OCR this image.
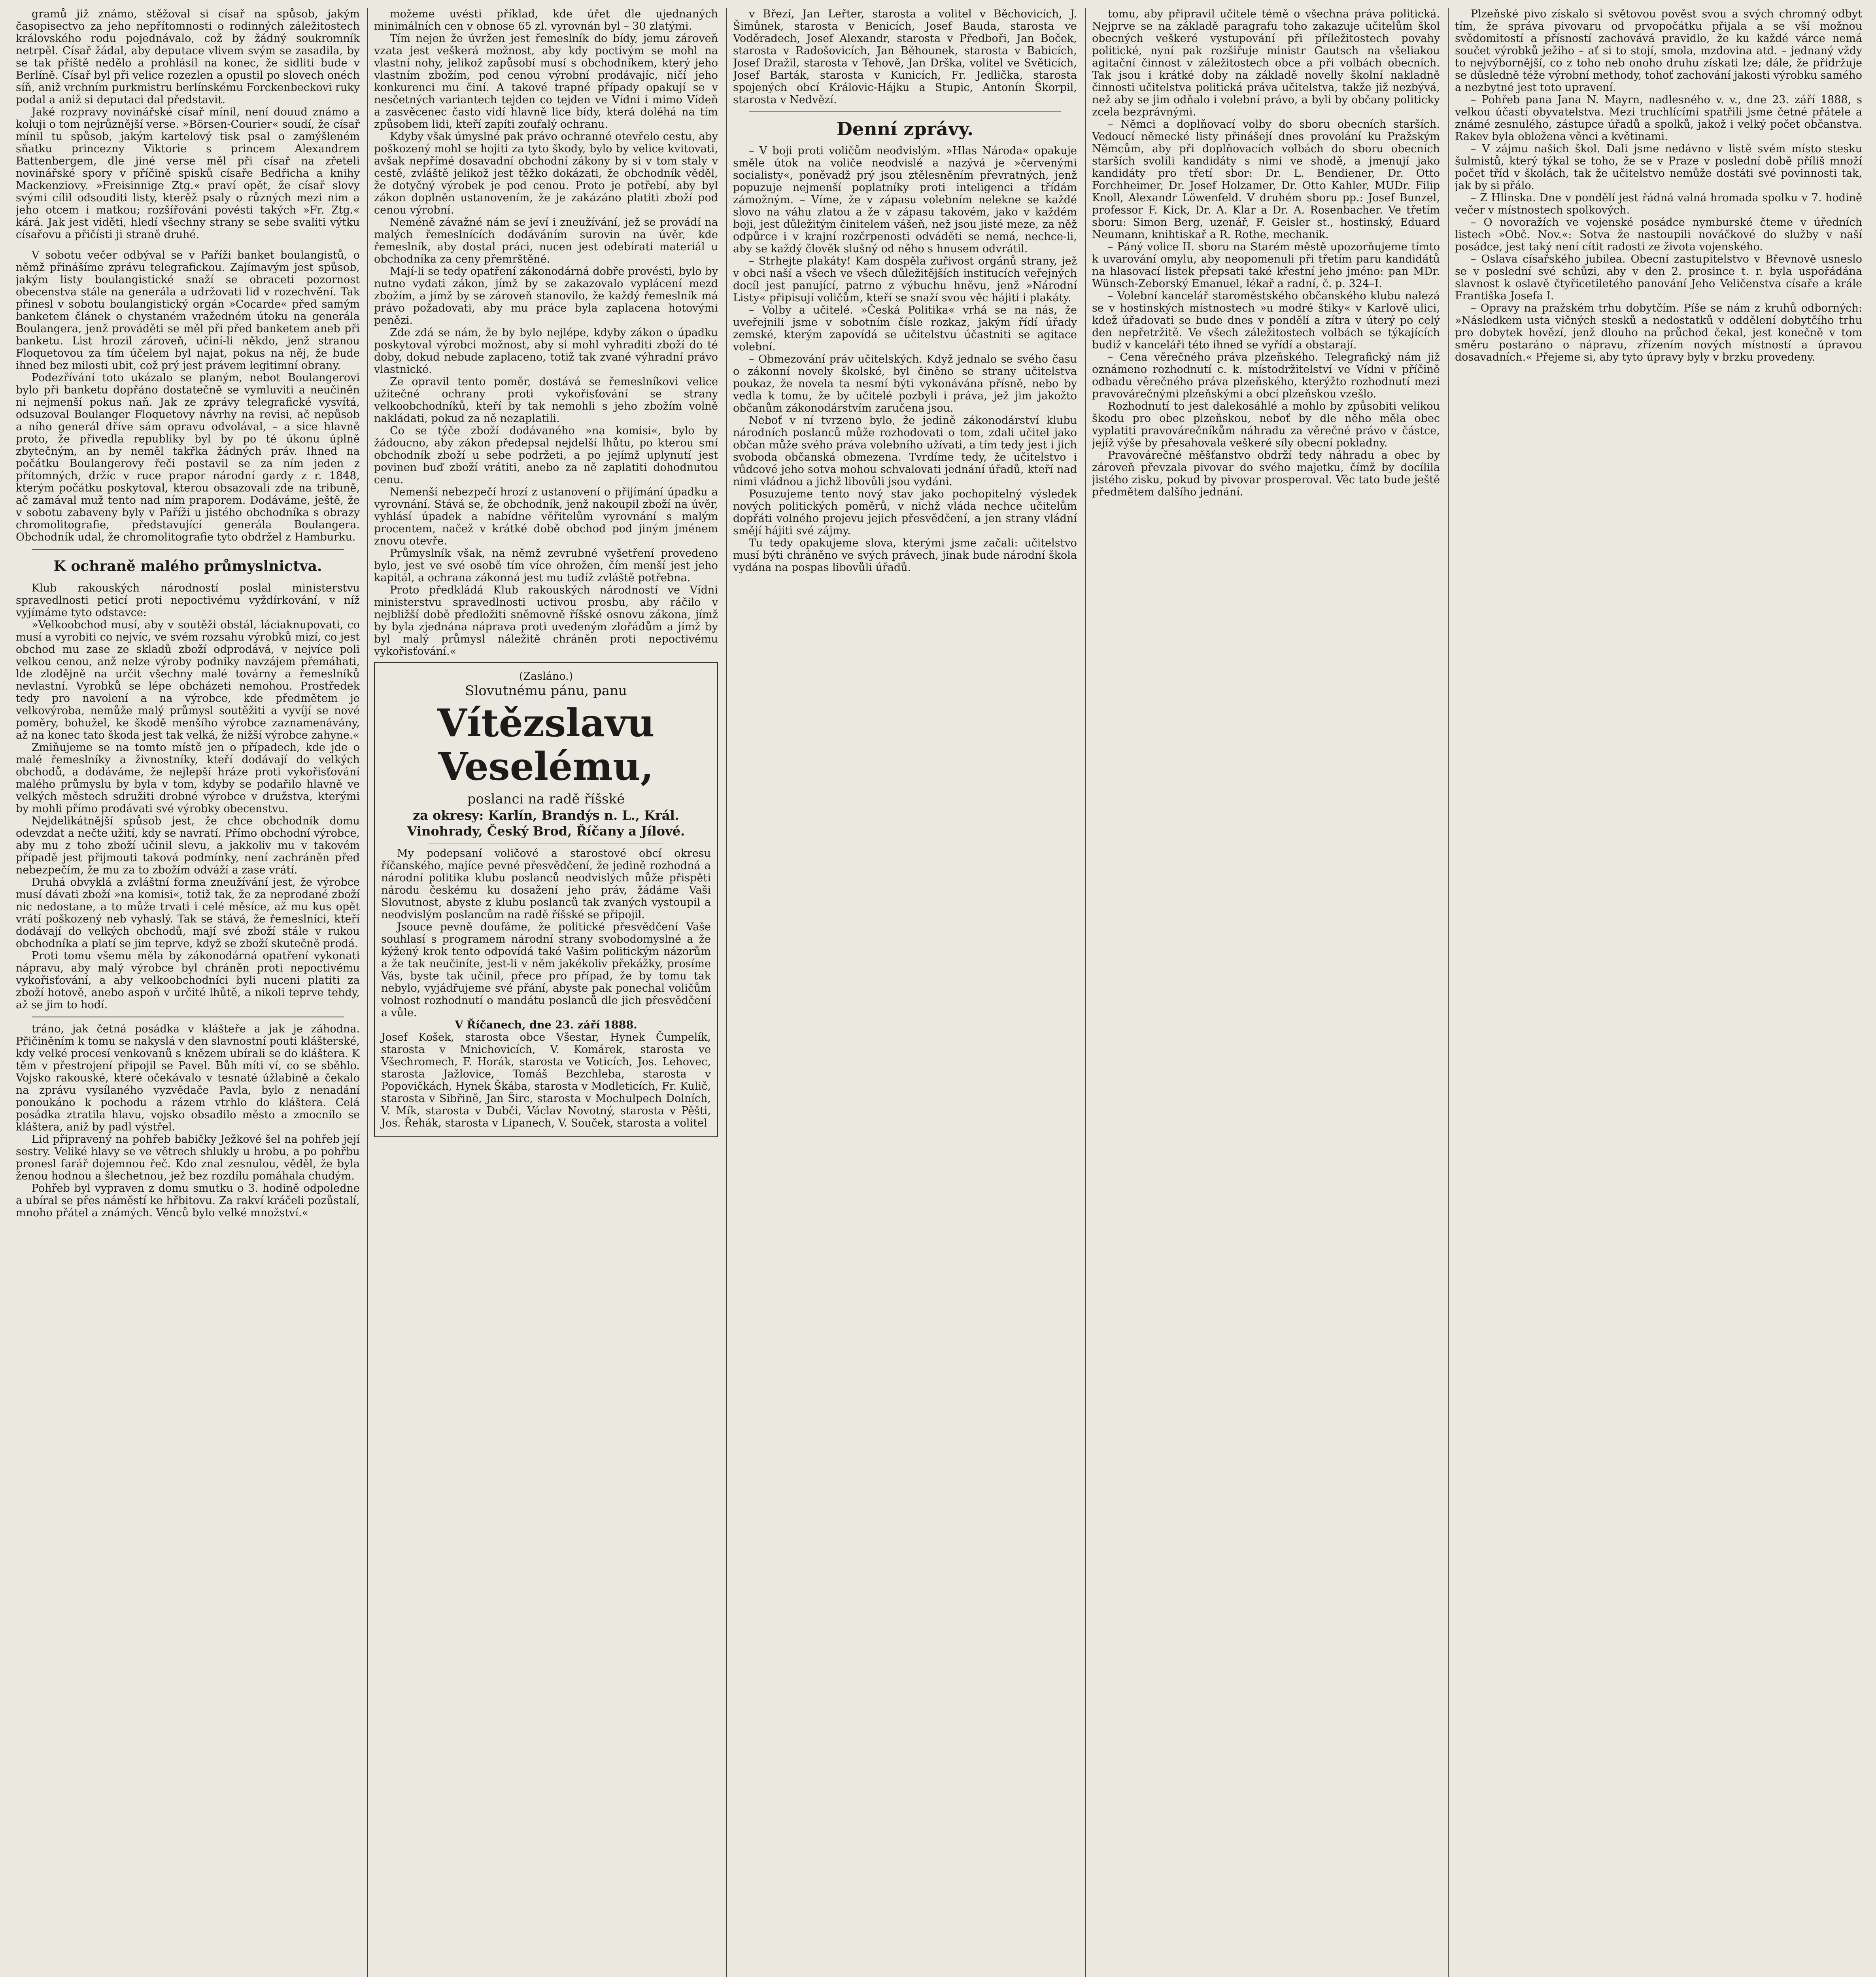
gramů již známo, stěžoval si císař na spůsob, jakým časopisectvo za jeho nepřítomnosti o rodinných záležitostech královského rodu pojednávalo, což by žádný soukromník netrpěl. Císař žádal, aby deputace vlivem svým se zasadila, by se tak příště nedělo a prohlásil na konec, že sidliti bude v Berlíně. Císař byl při velice rozezlen a opustil po slovech onéch síň, aniž vrchním purkmistru berlínskému Forckenbeckovi ruky podal a aniž si deputaci dal představit.

Jaké rozpravy novinářské císař mínil, není douud známo a koluji o tom nejrůznější verse. »Börsen-Courier« soudí, že císař mínil tu spůsob, jakým kartelový tisk psal o zamýšleném sňatku princezny Viktorie s princem Alexandrem Battenbergem, dle jiné verse měl při císař na zřeteli novinářské spory v příčině spisků císaře Bedřicha a knihy Mackenziovy. »Freisinnige Ztg.« praví opět, že císař slovy svými cílil odsouditi listy, kterěž psaly o různých mezi nim a jeho otcem i matkou; rozšířováni povésti takých »Fr. Ztg.« kárá. Jak jest viděti, hledí všechny strany se sebe svaliti výtku císařovu a přičísti ji straně druhé.

V sobotu večer odbýval se v Paříži banket boulangistů, o němž přinášíme zprávu telegrafickou. Zajímavým jest spůsob, jakým listy boulangistické snaží se obraceti pozornost obecenstva stále na generála a udržovati lid v rozechvění. Tak přinesl v sobotu boulangistický orgán »Cocarde« před samým banketem článek o chystaném vražedném útoku na generála Boulangera, jenž prováděti se měl při před banketem aneb při banketu. List hrozil zároveň, učiní-li někdo, jenž stranou Floquetovou za tím účelem byl najat, pokus na něj, že bude ihned bez milosti ubit, což prý jest právem legitimní obrany.

Podezřívání toto ukázalo se planým, nebot Boulangerovi bylo při banketu dopřáno dostatečně se vymluviti a neučiněn ni nejmenší pokus naň. Jak ze zprávy telegrafické vysvítá, odsuzoval Boulanger Floquetovy návrhy na revisi, ač nepůsob a ního generál dříve sám opravu odvolával, – a sice hlavně proto, že přivedla republiky byl by po té úkonu úplně zbytečným, an by neměl takřka žádných práv. Ihned na počátku Boulangerovy řeči postavil se za ním jeden z přítomných, držíc v ruce prapor národní gardy z r. 1848, kterým počátku poskytoval, kterou obsazovali zde na tribuně, ač zamával muž tento nad ním praporem. Dodáváme, ještě, že v sobotu zabaveny byly v Paříži u jistého obchodníka s obrazy chromolitografie, představující generála Boulangera. Obchodník udal, že chromolitografie tyto obdržel z Hamburku.

K ochraně malého průmyslnictva.

Klub rakouských národností poslal ministerstvu spravedlnosti peticí proti nepoctivému vyždírkování, v níž vyjímáme tyto odstavce:

»Velkoobchod musí, aby v soutěži obstál, láciaknupovati, co musí a vyrobiti co nejvíc, ve svém rozsahu výrobků mizí, co jest obchod mu zase ze skladů zboží odprodává, v nejvíce poli velkou cenou, anž nelze výroby podniky navzájem přemáhati, lde zlodějně na určit všechny malé továrny a řemeslníků nevlastní. Vyrobků se lépe obcházeti nemohou. Prostředek tedy pro navolení a na výrobce, kde předmětem je velkovýroba, nemůže malý průmysl soutěžiti a vyvíjí se nové poměry, bohužel, ke škodě menšího výrobce zaznamenávány, až na konec tato škoda jest tak velká, že nižší výrobce zahyne.«

Zmiňujeme se na tomto místě jen o případech, kde jde o malé řemeslníky a živnostníky, kteří dodávají do velkých obchodů, a dodáváme, že nejlepší hráze proti vykořisťování malého průmyslu by byla v tom, kdyby se podařilo hlavně ve velkých městech sdružiti drobné výrobce v družstva, kterými by mohli přímo prodávati své výrobky obecenstvu.

Nejdelikátnější spůsob jest, že chce obchodník domu odevzdat a nečte užití, kdy se navratí. Přímo obchodní výrobce, aby mu z toho zboží učinil slevu, a jakkoliv mu v takovém případě jest přijmouti taková podmínky, není zachráněn před nebezpečím, že mu za to zbožím odváží a zase vrátí.

Druhá obvyklá a zvláštní forma zneužívání jest, že výrobce musí dávati zboží »na komisi«, totiž tak, že za neprodané zboží nic nedostane, a to může trvati i celé měsíce, až mu kus opět vrátí poškozený neb vyhaslý. Tak se stává, že řemeslníci, kteří dodávají do velkých obchodů, mají své zboží stále v rukou obchodníka a platí se jim teprve, když se zboží skutečně prodá.

Proti tomu všemu měla by zákonodárná opatření vykonati nápravu, aby malý výrobce byl chráněn proti nepoctivému vykořisťování, a aby velkoobchodníci byli nuceni platiti za zboží hotově, anebo aspoň v určité lhůtě, a nikoli teprve tehdy, až se jim to hodí.

tráno, jak četná posádka v klášteře a jak je záhodna. Přičiněním k tomu se nakyslá v den slavnostní pouti klášterské, kdy velké procesí venkovanů s knězem ubírali se do kláštera. K těm v přestrojení připojil se Pavel. Bůh míti ví, co se sběhlo. Vojsko rakouské, které očekávalo v tesnaté úžlabině a čekalo na zprávu vysílaného vyzvědače Pavla, bylo z nenadání ponoukáno k pochodu a rázem vtrhlo do kláštera. Celá posádka ztratila hlavu, vojsko obsadilo město a zmocnilo se kláštera, aniž by padl výstřel.

Lid připravený na pohřeb babičky Ježkové šel na pohřeb její sestry. Veliké hlavy se ve větrech shlukly u hrobu, a po pohřbu pronesl farář dojemnou řeč. Kdo znal zesnulou, věděl, že byla ženou hodnou a šlechetnou, jež bez rozdílu pomáhala chudým.

Pohřeb byl vypraven z domu smutku o 3. hodině odpoledne a ubíral se přes náměstí ke hřbitovu. Za rakví kráčeli pozůstalí, mnoho přátel a známých. Věnců bylo velké množství.«

možeme uvésti příklad, kde úřet dle ujednaných minimálních cen v obnose 65 zl. vyrovnán byl – 30 zlatými.

Tím nejen že úvržen jest řemeslník do bídy, jemu zároveň vzata jest veškerá možnost, aby kdy poctivým se mohl na vlastní nohy, jelikož zapůsobí musí s obchodníkem, který jeho vlastním zbožím, pod cenou výrobní prodávajíc, ničí jeho konkurenci mu činí. A takové trapné případy opakují se v nesčetných variantech tejden co tejden ve Vídni i mimo Vídeň a zasvěcenec často vidí hlavně lice bídy, která doléhá na tím způsobem lidi, kteří zapíti zoufalý ochranu.

Kdyby však úmyslné pak právo ochranné otevřelo cestu, aby poškozený mohl se hojiti za tyto škody, bylo by velice kvitovati, avšak nepřímé dosavadní obchodní zákony by si v tom staly v cestě, zvláště jelikož jest těžko dokázati, že obchodník věděl, že dotyčný výrobek je pod cenou. Proto je potřebí, aby byl zákon doplněn ustanovením, že je zakázáno platiti zboží pod cenou výrobní.

Neméně závažné nám se jeví i zneužívání, jež se provádí na malých řemeslnících dodáváním surovin na úvěr, kde řemeslník, aby dostal práci, nucen jest odebírati materiál u obchodníka za ceny přemrštěné.

Mají-li se tedy opatření zákonodárná dobře provésti, bylo by nutno vydati zákon, jímž by se zakazovalo vyplácení mezd zbožím, a jímž by se zároveň stanovilo, že každý řemeslník má právo požadovati, aby mu práce byla zaplacena hotovými penězi.

Zde zdá se nám, že by bylo nejlépe, kdyby zákon o úpadku poskytoval výrobci možnost, aby si mohl vyhraditi zboží do té doby, dokud nebude zaplaceno, totiž tak zvané výhradní právo vlastnické.

Ze opravil tento poměr, dostává se řemeslníkovi velice užitečné ochrany proti vykořisťování se strany velkoobchodníků, kteří by tak nemohli s jeho zbožím volně nakládati, pokud za ně nezaplatili.

Co se týče zboží dodávaného »na komisi«, bylo by žádoucno, aby zákon předepsal nejdelší lhůtu, po kterou smí obchodník zboží u sebe podržeti, a po jejímž uplynutí jest povinen buď zboží vrátiti, anebo za ně zaplatiti dohodnutou cenu.

Nemenší nebezpečí hrozí z ustanovení o přijímání úpadku a vyrovnání. Stává se, že obchodník, jenž nakoupil zboží na úvěr, vyhlásí úpadek a nabídne věřitelům vyrovnání s malým procentem, načež v krátké době obchod pod jiným jménem znovu otevře.

Průmyslník však, na němž zevrubné vyšetření provedeno bylo, jest ve své osobě tím více ohrožen, čím menší jest jeho kapitál, a ochrana zákonná jest mu tudíž zvláště potřebna.

Proto předkládá Klub rakouských národností ve Vídni ministerstvu spravedlnosti uctivou prosbu, aby ráčilo v nejbližší době předložiti sněmovně říšské osnovu zákona, jímž by byla zjednána náprava proti uvedeným zlořádům a jímž by byl malý průmysl náležitě chráněn proti nepoctivému vykořisťování.«

(Zasláno.)

Slovutnému pánu, panu

Vítězslavu Veselému,

poslanci na radě říšské

za okresy: Karlín, Brandýs n. L., Král. Vinohrady, Český Brod, Říčany a Jílové.

My podepsaní voličové a starostové obcí okresu říčanského, majíce pevné přesvědčení, že jedině rozhodná a národní politika klubu poslanců neodvislých může přispěti národu českému ku dosažení jeho práv, žádáme Vaši Slovutnost, abyste z klubu poslanců tak zvaných vystoupil a neodvislým poslancům na radě říšské se připojil.

Jsouce pevně doufáme, že politické přesvědčení Vaše souhlasí s programem národní strany svobodomyslné a že kýžený krok tento odpovídá také Vašim politickým názorům a že tak neučiníte, jest-li v něm jakékoliv překážky, prosíme Vás, byste tak učinil, přece pro případ, že by tomu tak nebylo, vyjádřujeme své přání, abyste pak ponechal voličům volnost rozhodnutí o mandátu poslanců dle jich přesvědčení a vůle.

V Říčanech, dne 23. září 1888.

Josef Košek, starosta obce Všestar, Hynek Čumpelík, starosta v Mnichovicích, V. Komárek, starosta ve Všechromech, F. Horák, starosta ve Voticích, Jos. Lehovec, starosta Jažlovice, Tomáš Bezchleba, starosta v Popovičkách, Hynek Škába, starosta v Modleticích, Fr. Kulič, starosta v Sibřině, Jan Širc, starosta v Mochulpech Dolních, V. Mík, starosta v Dubči, Václav Novotný, starosta v Pěšti, Jos. Řehák, starosta v Lipanech, V. Souček, starosta a volitel

v Březí, Jan Leřter, starosta a volitel v Běchovicích, J. Šimůnek, starosta v Benicích, Josef Bauda, starosta ve Voděradech, Josef Alexandr, starosta v Předboři, Jan Boček, starosta v Radošovicích, Jan Běhounek, starosta v Babicích, Josef Dražil, starosta v Tehově, Jan Drška, volitel ve Světicích, Josef Barták, starosta v Kunicích, Fr. Jedlička, starosta spojených obcí Královic-Hájku a Stupic, Antonín Škorpil, starosta v Nedvězí.

Denní zprávy.

– V boji proti voličům neodvislým. »Hlas Národa« opakuje směle útok na voliče neodvislé a nazývá je »červenými socialisty«, poněvadž prý jsou ztělesněním převratných, jenž popuzuje nejmenší poplatníky proti inteligenci a třídám zámožným. – Víme, že v zápasu volebním nelekne se každé slovo na váhu zlatou a že v zápasu takovém, jako v každém boji, jest důležitým činitelem vášeň, než jsou jisté meze, za něž odpůrce i v krajní rozčrpenosti odváděti se nemá, nechce-li, aby se každý člověk slušný od něho s hnusem odvrátil.

– Strhejte plakáty! Kam dospěla zuřivost orgánů strany, jež v obci naší a všech ve všech důležitějších institucích veřejných docíl jest panující, patrno z výbuchu hněvu, jenž »Národní Listy« připisují voličům, kteří se snaží svou věc hájiti i plakáty.

– Volby a učitelé. »Česká Politika« vrhá se na nás, že uveřejnili jsme v sobotním čísle rozkaz, jakým řídí úřady zemské, kterým zapovídá se učitelstvu účastniti se agitace volební.

– Obmezování práv učitelských. Když jednalo se svého času o zákonní novely školské, byl činěno se strany učitelstva poukaz, že novela ta nesmí býti vykonávána přísně, nebo by vedla k tomu, že by učitelé pozbyli i práva, jež jim jakožto občanům zákonodárstvím zaručena jsou.

Neboť v ní tvrzeno bylo, že jedině zákonodárství klubu národních poslanců může rozhodovati o tom, zdali učitel jako občan může svého práva volebního užívati, a tím tedy jest i jich svoboda občanská obmezena. Tvrdíme tedy, že učitelstvo i vůdcové jeho sotva mohou schvalovati jednání úřadů, kteří nad nimi vládnou a jichž libovůli jsou vydáni.

Posuzujeme tento nový stav jako pochopitelný výsledek nových politických poměrů, v nichž vláda nechce učitelům dopřáti volného projevu jejich přesvědčení, a jen strany vládní smějí hájiti své zájmy.

Tu tedy opakujeme slova, kterými jsme začali: učitelstvo musí býti chráněno ve svých právech, jinak bude národní škola vydána na pospas libovůli úřadů.

tomu, aby připravil učitele témě o všechna práva politická. Nejprve se na základě paragrafu toho zakazuje učitelům škol obecných veškeré vystupování při příležitostech povahy politické, nyní pak rozšiřuje ministr Gautsch na všeliakou agitační činnost v záležitostech obce a při volbách obecních. Tak jsou i krátké doby na základě novelly školní nakladně činnosti učitelstva politická práva učitelstva, takže již nezbývá, než aby se jim odňalo i volební právo, a byli by občany politicky zcela bezprávnými.

– Němci a doplňovací volby do sboru obecních starších. Vedoucí německé listy přinášejí dnes provolání ku Pražským Němcům, aby při doplňovacích volbách do sboru obecních starších svolili kandidáty s nimi ve shodě, a jmenují jako kandidáty pro třetí sbor: Dr. L. Bendiener, Dr. Otto Forchheimer, Dr. Josef Holzamer, Dr. Otto Kahler, MUDr. Filip Knoll, Alexandr Löwenfeld. V druhém sboru pp.: Josef Bunzel, professor F. Kick, Dr. A. Klar a Dr. A. Rosenbacher. Ve třetím sboru: Simon Berg, uzenář, F. Geisler st., hostinský, Eduard Neumann, knihtiskař a R. Rothe, mechanik.

– Páný volice II. sboru na Starém městě upozorňujeme tímto k uvarování omylu, aby neopomenuli při třetím paru kandidátů na hlasovací listek přepsati také křestní jeho jméno: pan MDr. Wünsch-Zeborský Emanuel, lékař a radní, č. p. 324–I.

– Volební kancelář staroměstského občanského klubu nalezá se v hostinských místnostech »u modré štiky« v Karlově ulici, kdež úřadovati se bude dnes v pondělí a zítra v úterý po celý den nepřetržitě. Ve všech záležitostech volbách se týkajících budiž v kanceláři této ihned se vyřídí a obstarají.

– Cena věrečného práva plzeňského. Telegrafický nám již oznámeno rozhodnutí c. k. místodržitelství ve Vídni v příčině odbadu věrečného práva plzeňského, kterýžto rozhodnutí mezi pravovárečnými plzeňskými a obcí plzeňskou vzešlo.

Rozhodnutí to jest dalekosáhlé a mohlo by způsobiti velikou škodu pro obec plzeňskou, neboť by dle něho měla obec vyplatiti pravovárečníkům náhradu za věrečné právo v částce, jejíž výše by přesahovala veškeré síly obecní pokladny.

Pravovárečné měšťanstvo obdrží tedy náhradu a obec by zároveň převzala pivovar do svého majetku, čímž by docílila jistého zisku, pokud by pivovar prosperoval. Věc tato bude ještě předmětem dalšího jednání.

Plzeňské pivo získalo si světovou pověst svou a svých chromný odbyt tím, že správa pivovaru od prvopočátku přijala a se vší možnou svědomitostí a přísností zachovává pravidlo, že ku každé várce nemá součet výrobků ježiho – ať si to stojí, smola, mzdovina atd. – jednaný vždy to nejvýbornější, co z toho neb onoho druhu získati lze; dále, že přidržuje se důsledně téže výrobní methody, tohoť zachování jakosti výrobku samého a nezbytné jest toto upravení.

– Pohřeb pana Jana N. Mayrn, nadlesného v. v., dne 23. září 1888, s velkou účastí obyvatelstva. Mezi truchlícími spatřili jsme četné přátele a známé zesnulého, zástupce úřadů a spolků, jakož i velký počet občanstva. Rakev byla obložena věnci a květinami.

– V zájmu našich škol. Dali jsme nedávno v listě svém místo stesku šulmistů, který týkal se toho, že se v Praze v poslední době příliš množí počet tříd v školách, tak že učitelstvo nemůže dostáti své povinnosti tak, jak by si přálo.

– Z Hlinska. Dne v pondělí jest řádná valná hromada spolku v 7. hodině večer v místnostech spolkových.

– O novoražích ve vojenské posádce nymburské čteme v úředních listech »Obč. Nov.«: Sotva že nastoupili nováčkové do služby v naší posádce, jest taký není cítit radosti ze života vojenského.

– Oslava císařského jubilea. Obecní zastupitelstvo v Břevnově usneslo se v poslední své schůzi, aby v den 2. prosince t. r. byla uspořádána slavnost k oslavě čtyřicetiletého panování Jeho Veličenstva císaře a krále Františka Josefa I.

– Opravy na pražském trhu dobytčím. Píše se nám z kruhů odborných: »Následkem usta vičných stesků a nedostatků v oddělení dobytčího trhu pro dobytek hovězí, jenž dlouho na průchod čekal, jest konečně v tom směru postaráno o nápravu, zřízením nových místností a úpravou dosavadních.« Přejeme si, aby tyto úpravy byly v brzku provedeny.
